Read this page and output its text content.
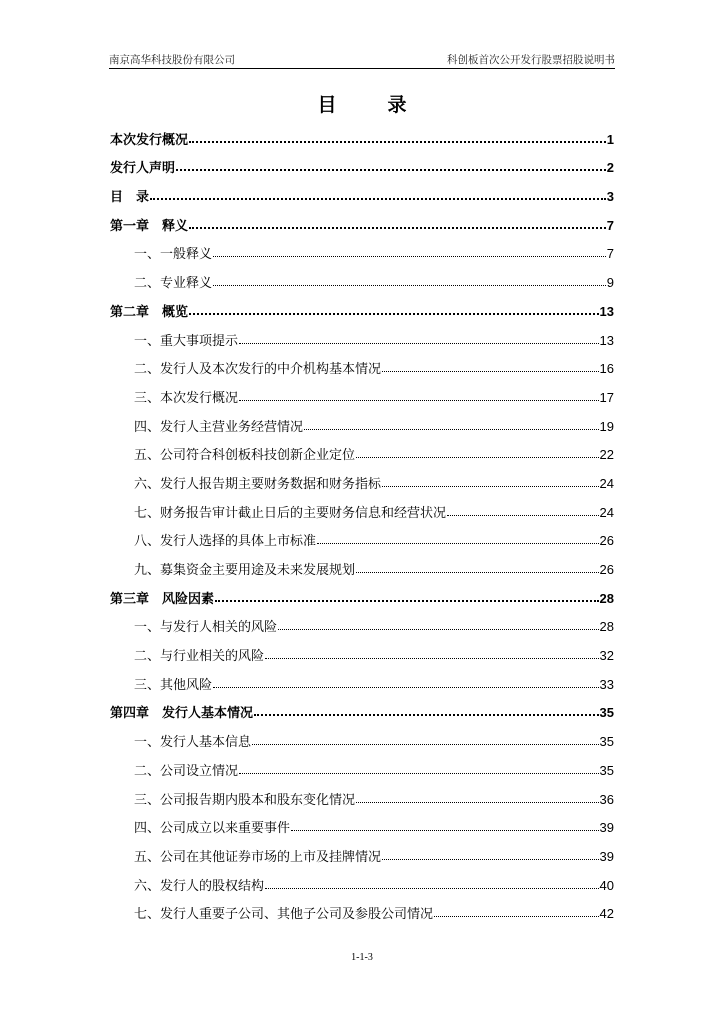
南京高华科技股份有限公司	科创板首次公开发行股票招股说明书
目　录
本次发行概况	1
发行人声明	2
目　录	3
第一章　释义	7
一、一般释义	7
二、专业释义	9
第二章　概览	13
一、重大事项提示	13
二、发行人及本次发行的中介机构基本情况	16
三、本次发行概况	17
四、发行人主营业务经营情况	19
五、公司符合科创板科技创新企业定位	22
六、发行人报告期主要财务数据和财务指标	24
七、财务报告审计截止日后的主要财务信息和经营状况	24
八、发行人选择的具体上市标准	26
九、募集资金主要用途及未来发展规划	26
第三章　风险因素	28
一、与发行人相关的风险	28
二、与行业相关的风险	32
三、其他风险	33
第四章　发行人基本情况	35
一、发行人基本信息	35
二、公司设立情况	35
三、公司报告期内股本和股东变化情况	36
四、公司成立以来重要事件	39
五、公司在其他证券市场的上市及挂牌情况	39
六、发行人的股权结构	40
七、发行人重要子公司、其他子公司及参股公司情况	42
1-1-3
